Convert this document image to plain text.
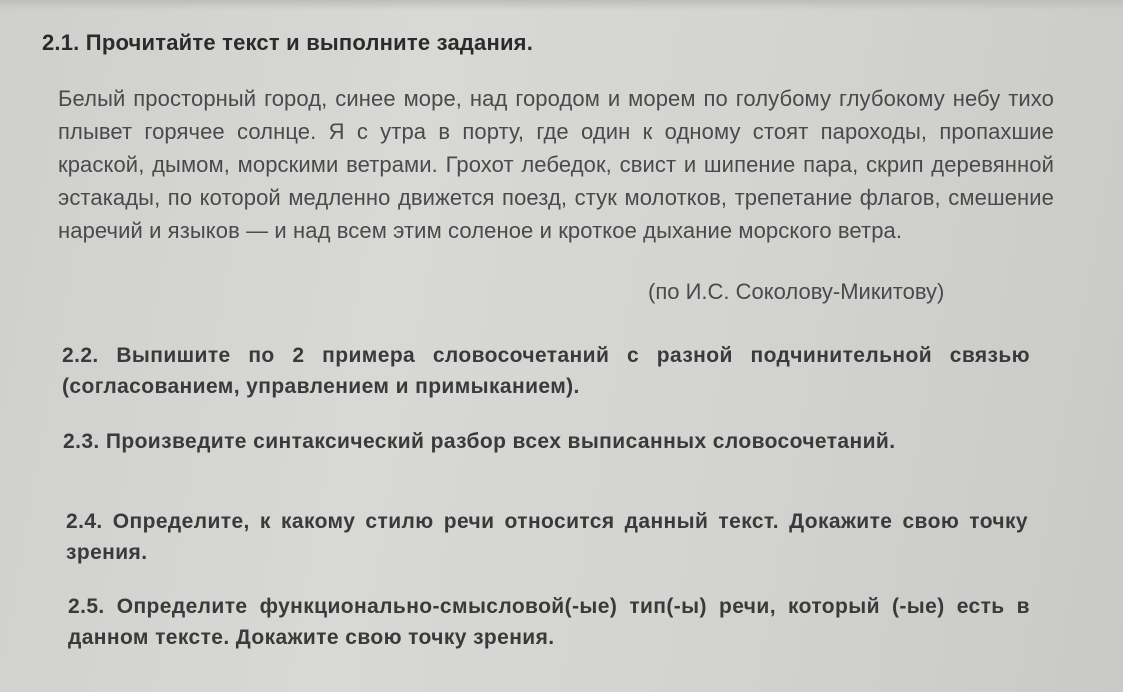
2.1. Прочитайте текст и выполните задания.
Белый просторный город, синее море, над городом и морем по голубому глубокому небу тихо плывет горячее солнце. Я с утра в порту, где один к одному стоят пароходы, пропахшие краской, дымом, морскими ветрами. Грохот лебедок, свист и шипение пара, скрип деревянной эстакады, по которой медленно движется поезд, стук молотков, трепетание флагов, смешение наречий и языков — и над всем этим соленое и кроткое дыхание морского ветра.
(по И.С. Соколову-Микитову)
2.2. Выпишите по 2 примера словосочетаний с разной подчинительной связью (согласованием, управлением и примыканием).
2.3. Произведите синтаксический разбор всех выписанных словосочетаний.
2.4. Определите, к какому стилю речи относится данный текст. Докажите свою точку зрения.
2.5. Определите функционально-смысловой(-ые) тип(-ы) речи, который (-ые) есть в данном тексте. Докажите свою точку зрения.
